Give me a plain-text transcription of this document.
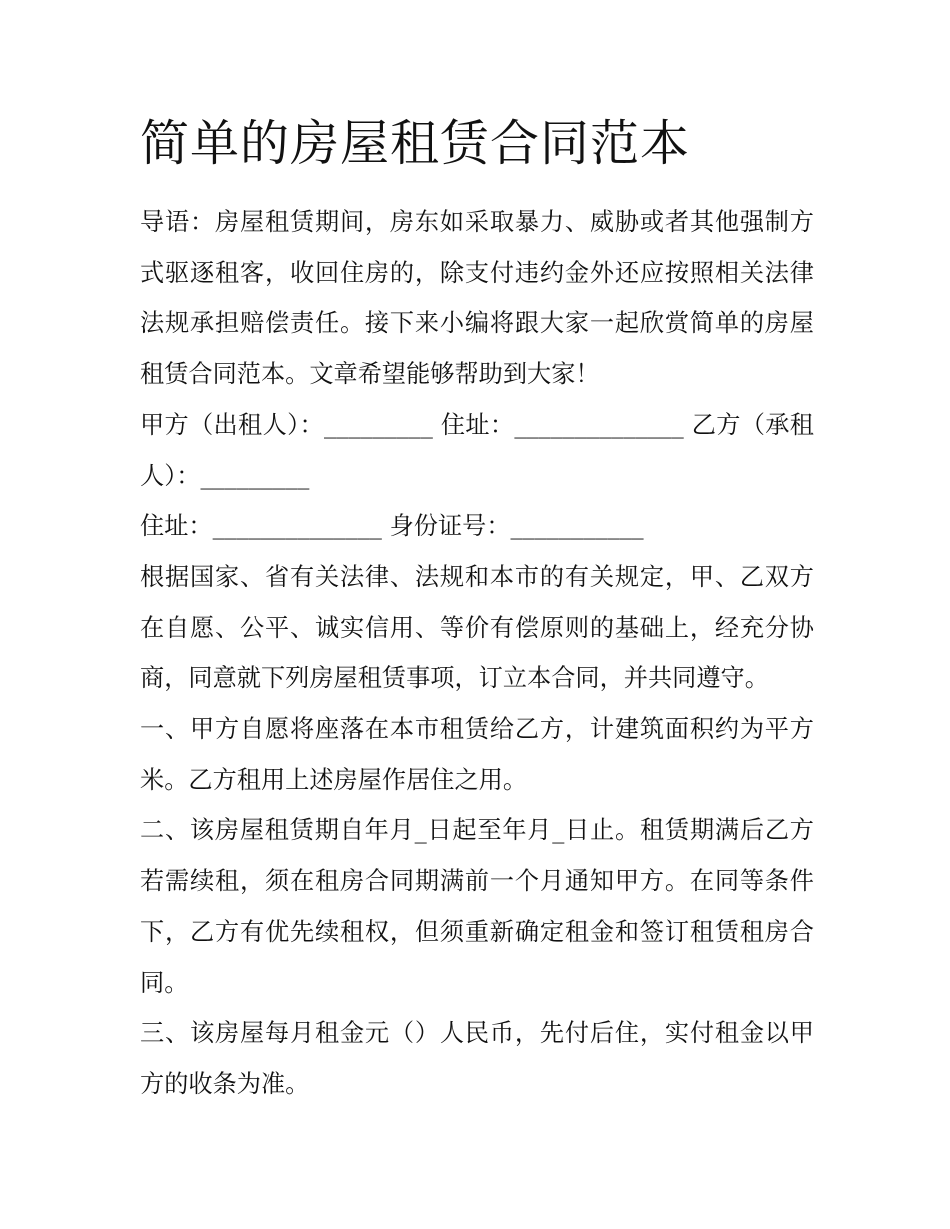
简单的房屋租赁合同范本

导语：房屋租赁期间，房东如采取暴力、威胁或者其他强制方式驱逐租客，收回住房的，除支付违约金外还应按照相关法律法规承担赔偿责任。接下来小编将跟大家一起欣赏简单的房屋租赁合同范本。文章希望能够帮助到大家！

甲方（出租人）：_________ 住址：______________ 乙方（承租人）：_________

住址：______________ 身份证号：___________

根据国家、省有关法律、法规和本市的有关规定，甲、乙双方在自愿、公平、诚实信用、等价有偿原则的基础上，经充分协商，同意就下列房屋租赁事项，订立本合同，并共同遵守。

一、甲方自愿将座落在本市租赁给乙方，计建筑面积约为平方米。乙方租用上述房屋作居住之用。

二、该房屋租赁期自年月_日起至年月_日止。租赁期满后乙方若需续租，须在租房合同期满前一个月通知甲方。在同等条件下，乙方有优先续租权，但须重新确定租金和签订租赁租房合同。

三、该房屋每月租金元（）人民币，先付后住，实付租金以甲方的收条为准。
